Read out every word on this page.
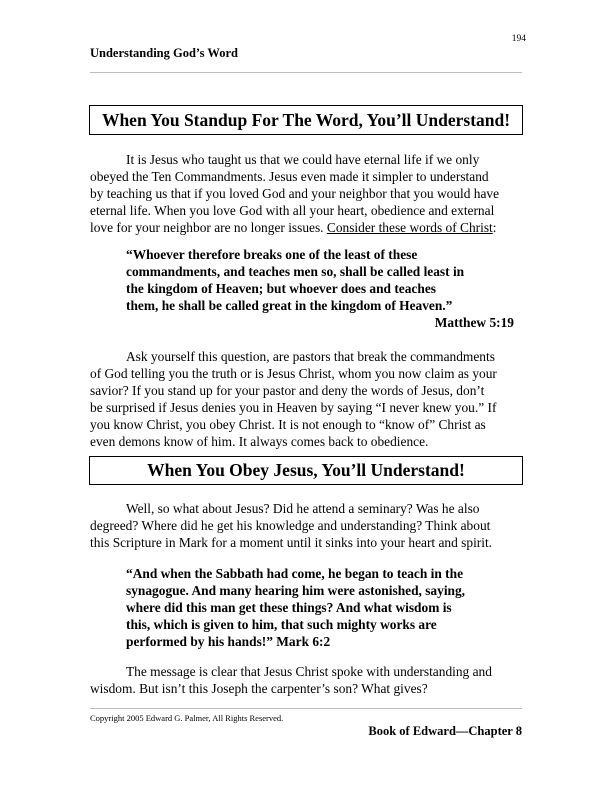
194
Understanding God’s Word
When You Standup For The Word, You’ll Understand!
It is Jesus who taught us that we could have eternal life if we only
obeyed the Ten Commandments. Jesus even made it simpler to understand
by teaching us that if you loved God and your neighbor that you would have
eternal life. When you love God with all your heart, obedience and external
love for your neighbor are no longer issues. Consider these words of Christ:
“Whoever therefore breaks one of the least of these
commandments, and teaches men so, shall be called least in
the kingdom of Heaven; but whoever does and teaches
them, he shall be called great in the kingdom of Heaven.”
Matthew 5:19
Ask yourself this question, are pastors that break the commandments
of God telling you the truth or is Jesus Christ, whom you now claim as your
savior? If you stand up for your pastor and deny the words of Jesus, don’t
be surprised if Jesus denies you in Heaven by saying “I never knew you.” If
you know Christ, you obey Christ. It is not enough to “know of” Christ as
even demons know of him. It always comes back to obedience.
When You Obey Jesus, You’ll Understand!
Well, so what about Jesus? Did he attend a seminary? Was he also
degreed? Where did he get his knowledge and understanding? Think about
this Scripture in Mark for a moment until it sinks into your heart and spirit.
“And when the Sabbath had come, he began to teach in the
synagogue. And many hearing him were astonished, saying,
where did this man get these things? And what wisdom is
this, which is given to him, that such mighty works are
performed by his hands!” Mark 6:2
The message is clear that Jesus Christ spoke with understanding and
wisdom. But isn’t this Joseph the carpenter’s son? What gives?
Copyright 2005 Edward G. Palmer, All Rights Reserved.
Book of Edward—Chapter 8
